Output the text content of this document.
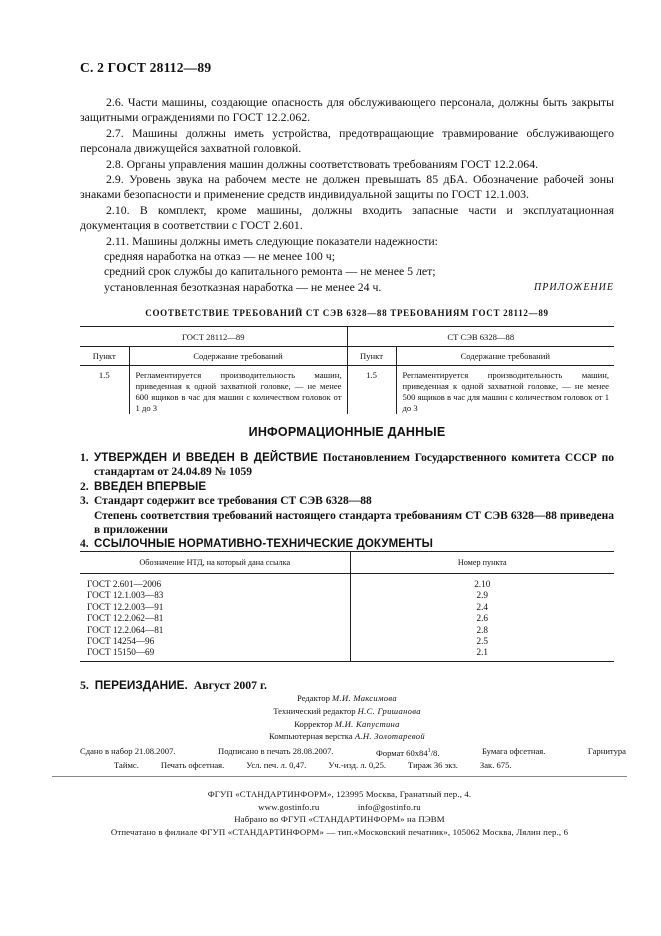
С. 2 ГОСТ 28112—89

2.6. Части машины, создающие опасность для обслуживающего персонала, должны быть закрыты защитными ограждениями по ГОСТ 12.2.062.

2.7. Машины должны иметь устройства, предотвращающие травмирование обслуживающего персонала движущейся захватной головкой.

2.8. Органы управления машин должны соответствовать требованиям ГОСТ 12.2.064.

2.9. Уровень звука на рабочем месте не должен превышать 85 дБА. Обозначение рабочей зоны знаками безопасности и применение средств индивидуальной защиты по ГОСТ 12.1.003.

2.10. В комплект, кроме машины, должны входить запасные части и эксплуатационная документация в соответствии с ГОСТ 2.601.

2.11. Машины должны иметь следующие показатели надежности:

средняя наработка на отказ — не менее 100 ч;

средний срок службы до капитального ремонта — не менее 5 лет;

установленная безотказная наработка — не менее 24 ч.	ПРИЛОЖЕНИЕ
СООТВЕТСТВИЕ ТРЕБОВАНИЙ СТ СЭВ 6328—88 ТРЕБОВАНИЯМ ГОСТ 28112—89
ГОСТ 28112—89		СТ СЭВ 6328—88	
Пункт	Содержание требований	Пункт	Содержание требований
1.5	Регламентируется производительность машин, приведенная к одной захватной головке, — не менее 600 ящиков в час для машин с количеством головок от 1 до 3	1.5	Регламентируется производительность машин, приведенная к одной захватной головке, — не менее 500 ящиков в час для машин с количеством головок от 1 до 3
ИНФОРМАЦИОННЫЕ ДАННЫЕ
1. УТВЕРЖДЕН И ВВЕДЕН В ДЕЙСТВИЕ Постановлением Государственного комитета СССР по стандартам от 24.04.89 № 1059
2. ВВЕДЕН ВПЕРВЫЕ
3. Стандарт содержит все требования СТ СЭВ 6328—88
Степень соответствия требований настоящего стандарта требованиям СТ СЭВ 6328—88 приведена в приложении
4. ССЫЛОЧНЫЕ НОРМАТИВНО-ТЕХНИЧЕСКИЕ ДОКУМЕНТЫ
Обозначение НТД, на который дана ссылка	Номер пункта
ГОСТ 2.601—2006	2.10
ГОСТ 12.1.003—83	2.9
ГОСТ 12.2.003—91	2.4
ГОСТ 12.2.062—81	2.6
ГОСТ 12.2.064—81	2.8
ГОСТ 14254—96	2.5
ГОСТ 15150—69	2.1
5. ПЕРЕИЗДАНИЕ. Август 2007 г.
Редактор М.И. Максимова
Технический редактор Н.С. Гришанова
Корректор М.И. Капустина
Компьютерная верстка А.Н. Золотаревой
Сдано в набор 21.08.2007.	Подписано в печать 28.08.2007.	Формат $60x84^1/8$.	Бумага офсетная.	Гарнитура
Таймс.	Печать офсетная.	Усл. печ. л. 0,47.	Уч.-изд. л. 0,25.	Тираж 36 экз.	Зак. 675.
ФГУП «СТАНДАРТИНФОРМ», 123995 Москва, Гранатный пер., 4.
www.gostinfo.ru	info@gostinfo.ru
Набрано во ФГУП «СТАНДАРТИНФОРМ» на ПЭВМ
Отпечатано в филиале ФГУП «СТАНДАРТИНФОРМ» — тип.«Московский печатник», 105062 Москва, Лялин пер., 6
